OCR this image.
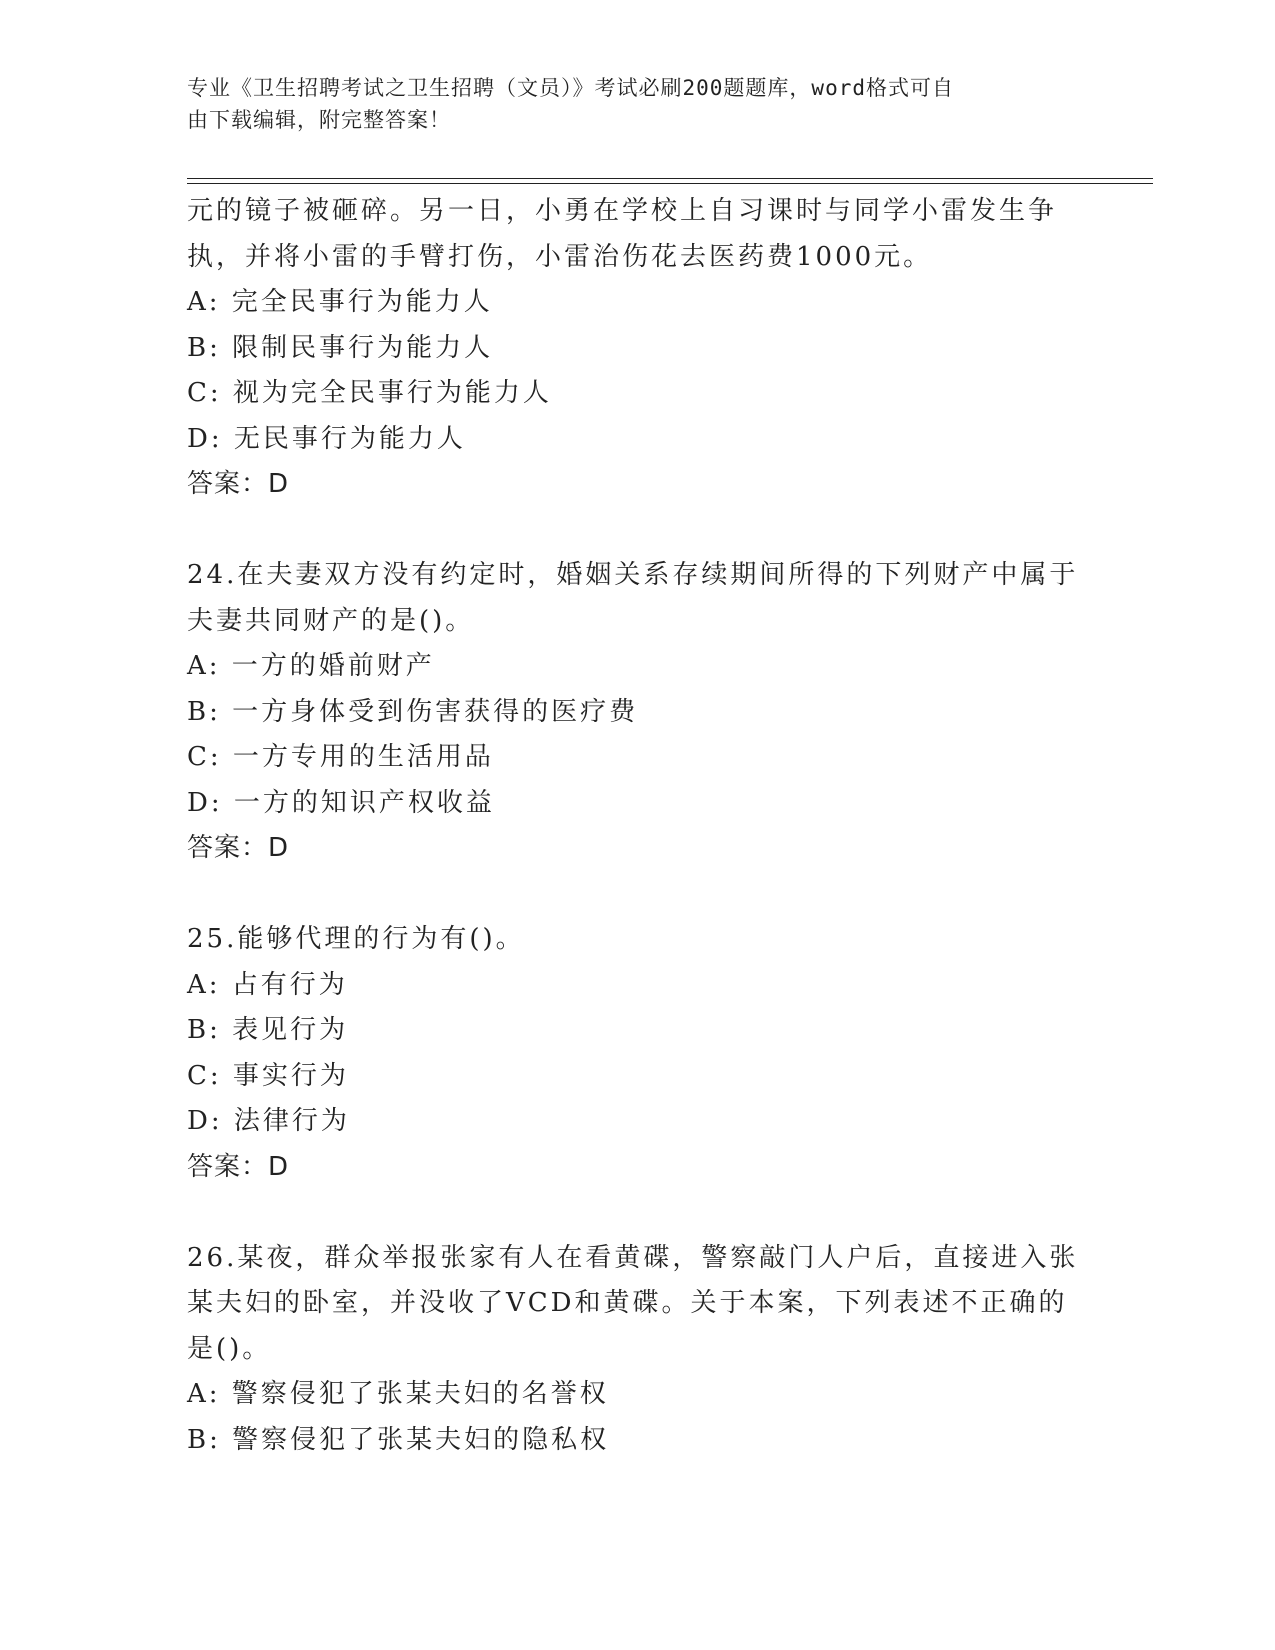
专业《卫生招聘考试之卫生招聘（文员）》考试必刷200题题库，word格式可自
由下载编辑，附完整答案！
元的镜子被砸碎。另一日，小勇在学校上自习课时与同学小雷发生争
执，并将小雷的手臂打伤，小雷治伤花去医药费1000元。
A: 完全民事行为能力人
B: 限制民事行为能力人
C: 视为完全民事行为能力人
D: 无民事行为能力人
答案：D
24.在夫妻双方没有约定时，婚姻关系存续期间所得的下列财产中属于
夫妻共同财产的是()。
A: 一方的婚前财产
B: 一方身体受到伤害获得的医疗费
C: 一方专用的生活用品
D: 一方的知识产权收益
答案：D
25.能够代理的行为有()。
A: 占有行为
B: 表见行为
C: 事实行为
D: 法律行为
答案：D
26.某夜，群众举报张家有人在看黄碟，警察敲门人户后，直接进入张
某夫妇的卧室，并没收了VCD和黄碟。关于本案，下列表述不正确的
是()。
A: 警察侵犯了张某夫妇的名誉权
B: 警察侵犯了张某夫妇的隐私权
